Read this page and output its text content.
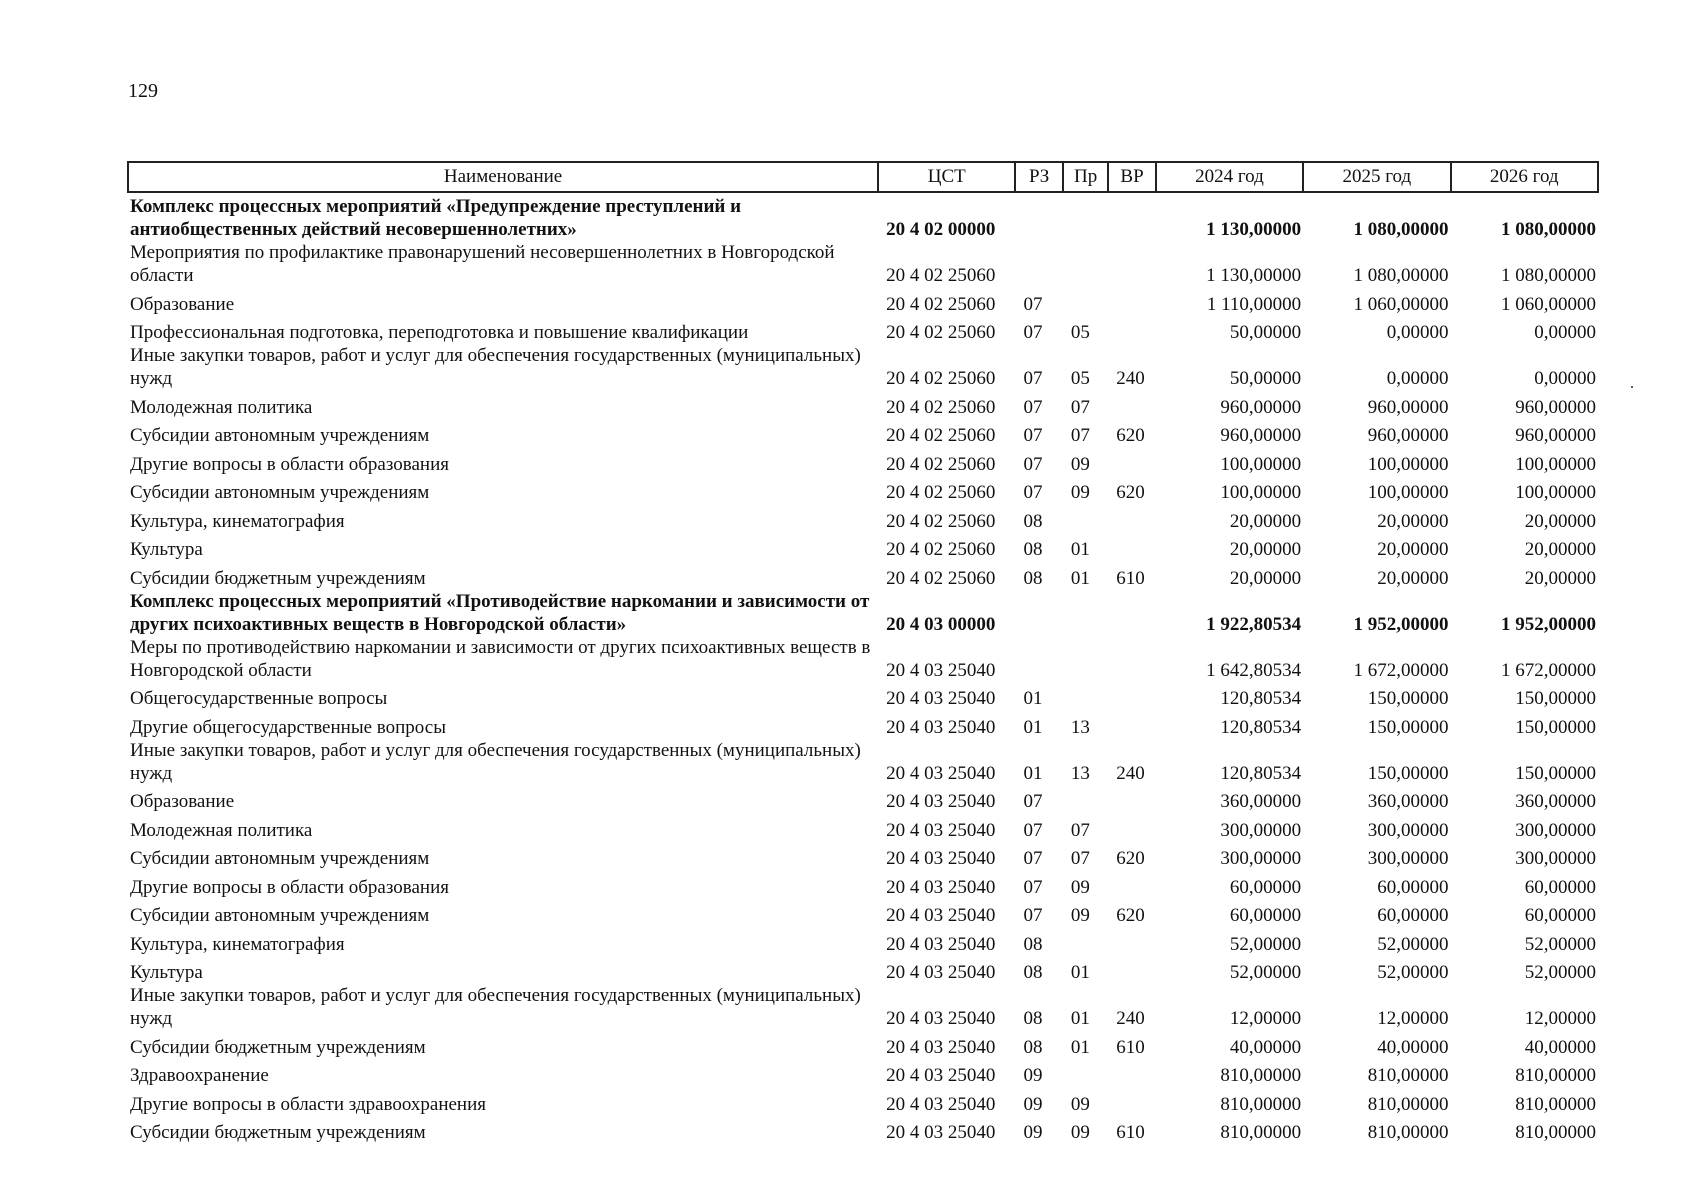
129
Наименование	ЦСТ	РЗ	Пр	ВР	2024 год	2025 год	2026 год
Комплекс процессных мероприятий «Предупреждение преступлений и антиобщественных действий несовершеннолетних»	20 4 02 00000				1 130,00000	1 080,00000	1 080,00000
Мероприятия по профилактике правонарушений несовершеннолетних в Новгородской области	20 4 02 25060				1 130,00000	1 080,00000	1 080,00000
Образование	20 4 02 25060	07			1 110,00000	1 060,00000	1 060,00000
Профессиональная подготовка, переподготовка и повышение квалификации	20 4 02 25060	07	05		50,00000	0,00000	0,00000
Иные закупки товаров, работ и услуг для обеспечения государственных (муниципальных) нужд	20 4 02 25060	07	05	240	50,00000	0,00000	0,00000
Молодежная политика	20 4 02 25060	07	07		960,00000	960,00000	960,00000
Субсидии автономным учреждениям	20 4 02 25060	07	07	620	960,00000	960,00000	960,00000
Другие вопросы в области образования	20 4 02 25060	07	09		100,00000	100,00000	100,00000
Субсидии автономным учреждениям	20 4 02 25060	07	09	620	100,00000	100,00000	100,00000
Культура, кинематография	20 4 02 25060	08			20,00000	20,00000	20,00000
Культура	20 4 02 25060	08	01		20,00000	20,00000	20,00000
Субсидии бюджетным учреждениям	20 4 02 25060	08	01	610	20,00000	20,00000	20,00000
Комплекс процессных мероприятий «Противодействие наркомании и зависимости от других психоактивных веществ в Новгородской области»	20 4 03 00000				1 922,80534	1 952,00000	1 952,00000
Меры по противодействию наркомании и зависимости от других психоактивных веществ в Новгородской области	20 4 03 25040				1 642,80534	1 672,00000	1 672,00000
Общегосударственные вопросы	20 4 03 25040	01			120,80534	150,00000	150,00000
Другие общегосударственные вопросы	20 4 03 25040	01	13		120,80534	150,00000	150,00000
Иные закупки товаров, работ и услуг для обеспечения государственных (муниципальных) нужд	20 4 03 25040	01	13	240	120,80534	150,00000	150,00000
Образование	20 4 03 25040	07			360,00000	360,00000	360,00000
Молодежная политика	20 4 03 25040	07	07		300,00000	300,00000	300,00000
Субсидии автономным учреждениям	20 4 03 25040	07	07	620	300,00000	300,00000	300,00000
Другие вопросы в области образования	20 4 03 25040	07	09		60,00000	60,00000	60,00000
Субсидии автономным учреждениям	20 4 03 25040	07	09	620	60,00000	60,00000	60,00000
Культура, кинематография	20 4 03 25040	08			52,00000	52,00000	52,00000
Культура	20 4 03 25040	08	01		52,00000	52,00000	52,00000
Иные закупки товаров, работ и услуг для обеспечения государственных (муниципальных) нужд	20 4 03 25040	08	01	240	12,00000	12,00000	12,00000
Субсидии бюджетным учреждениям	20 4 03 25040	08	01	610	40,00000	40,00000	40,00000
Здравоохранение	20 4 03 25040	09			810,00000	810,00000	810,00000
Другие вопросы в области здравоохранения	20 4 03 25040	09	09		810,00000	810,00000	810,00000
Субсидии бюджетным учреждениям	20 4 03 25040	09	09	610	810,00000	810,00000	810,00000
